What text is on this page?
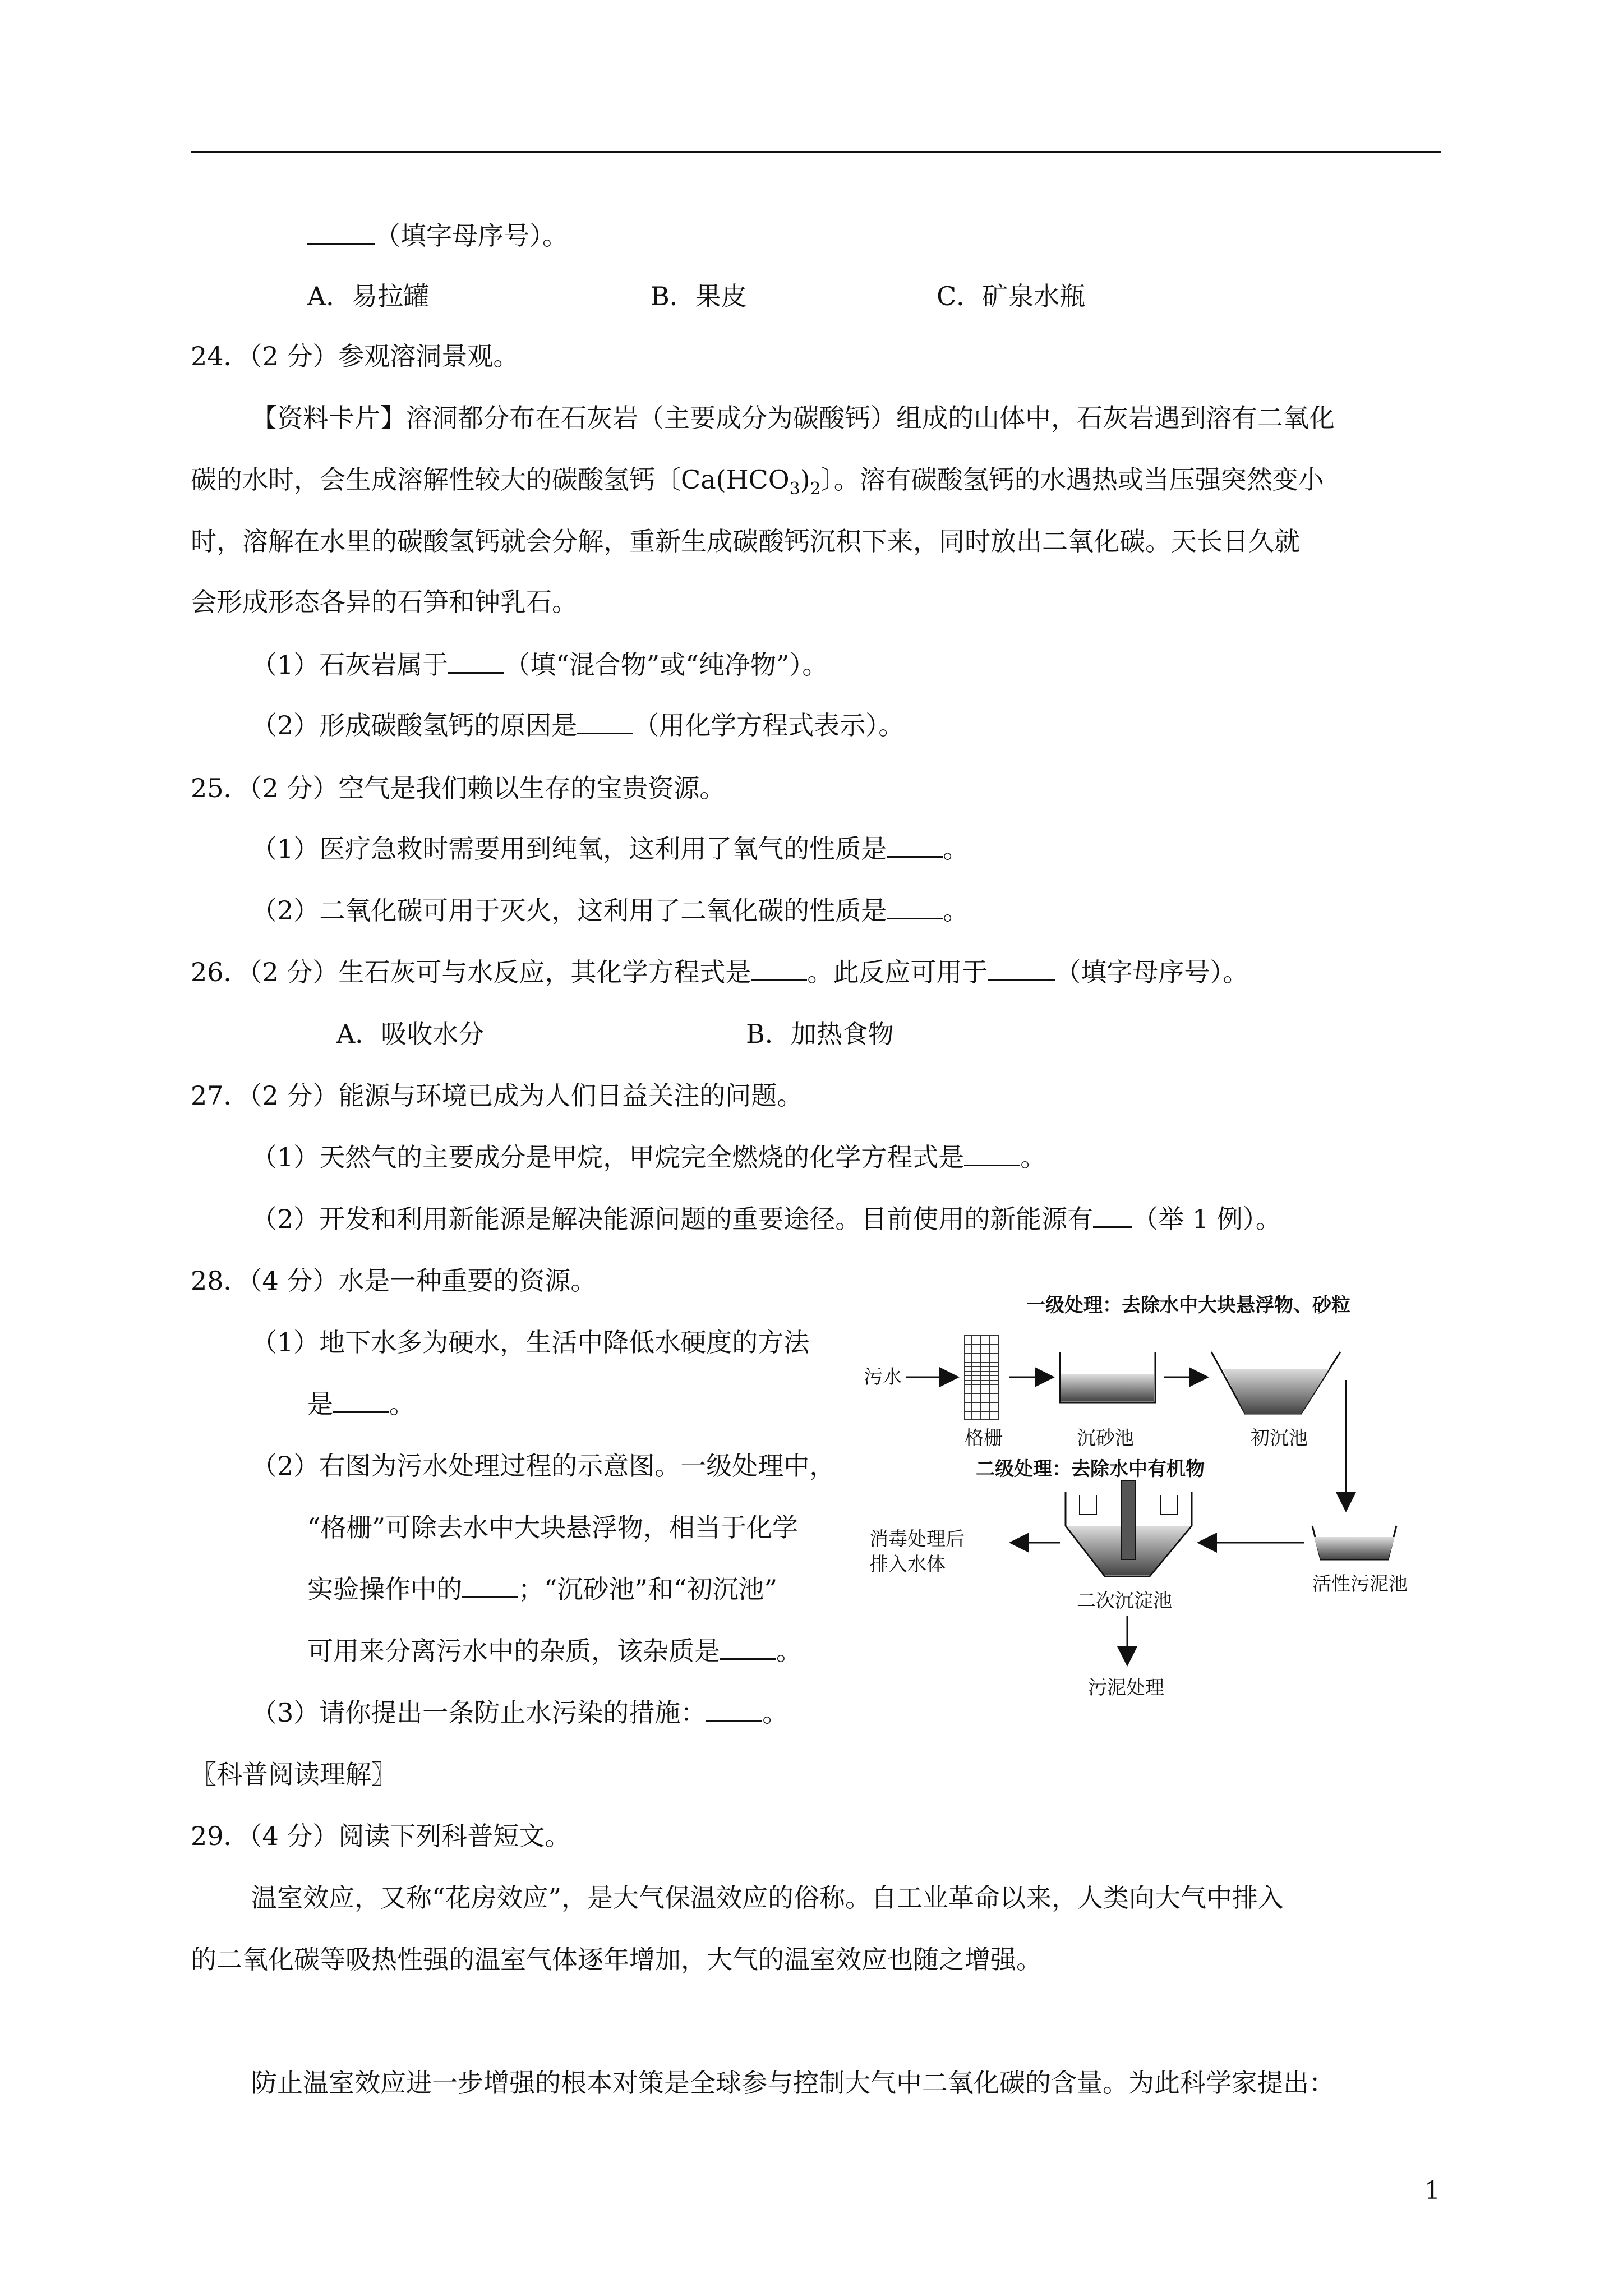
（填字母序号）。
A．易拉罐	B．果皮	C．矿泉水瓶
24．（2 分）参观溶洞景观。
【资料卡片】溶洞都分布在石灰岩（主要成分为碳酸钙）组成的山体中，石灰岩遇到溶有二氧化
碳的水时，会生成溶解性较大的碳酸氢钙〔$Ca(HCO_3)_2$〕。溶有碳酸氢钙的水遇热或当压强突然变小
时，溶解在水里的碳酸氢钙就会分解，重新生成碳酸钙沉积下来，同时放出二氧化碳。天长日久就
会形成形态各异的石笋和钟乳石。
（1）石灰岩属于 （填“混合物”或“纯净物”）。
（2）形成碳酸氢钙的原因是 （用化学方程式表示）。
25．（2 分）空气是我们赖以生存的宝贵资源。
（1）医疗急救时需要用到纯氧，这利用了氧气的性质是 。
（2）二氧化碳可用于灭火，这利用了二氧化碳的性质是 。
26．（2 分）生石灰可与水反应，其化学方程式是 。此反应可用于	（填字母序号）。
A．吸收水分	B．加热食物
27．（2 分）能源与环境已成为人们日益关注的问题。
（1）天然气的主要成分是甲烷，甲烷完全燃烧的化学方程式是 。
（2）开发和利用新能源是解决能源问题的重要途径。目前使用的新能源有 （举 1 例）。
28．（4 分）水是一种重要的资源。
（1）地下水多为硬水，生活中降低水硬度的方法
是 。
（2）右图为污水处理过程的示意图。一级处理中，
“格栅”可除去水中大块悬浮物，相当于化学
实验操作中的 ；“沉砂池”和“初沉池”
可用来分离污水中的杂质，该杂质是 。
（3）请你提出一条防止水污染的措施： 。
〖科普阅读理解〗
29．（4 分）阅读下列科普短文。
温室效应，又称“花房效应”，是大气保温效应的俗称。自工业革命以来，人类向大气中排入
的二氧化碳等吸热性强的温室气体逐年增加，大气的温室效应也随之增强。
防止温室效应进一步增强的根本对策是全球参与控制大气中二氧化碳的含量。为此科学家提出：
一级处理：去除水中大块悬浮物、砂粒
污水
格栅	沉砂池	初沉池
二级处理：去除水中有机物
活性污泥池
二次沉淀池
消毒处理后
排入水体
污泥处理
1
